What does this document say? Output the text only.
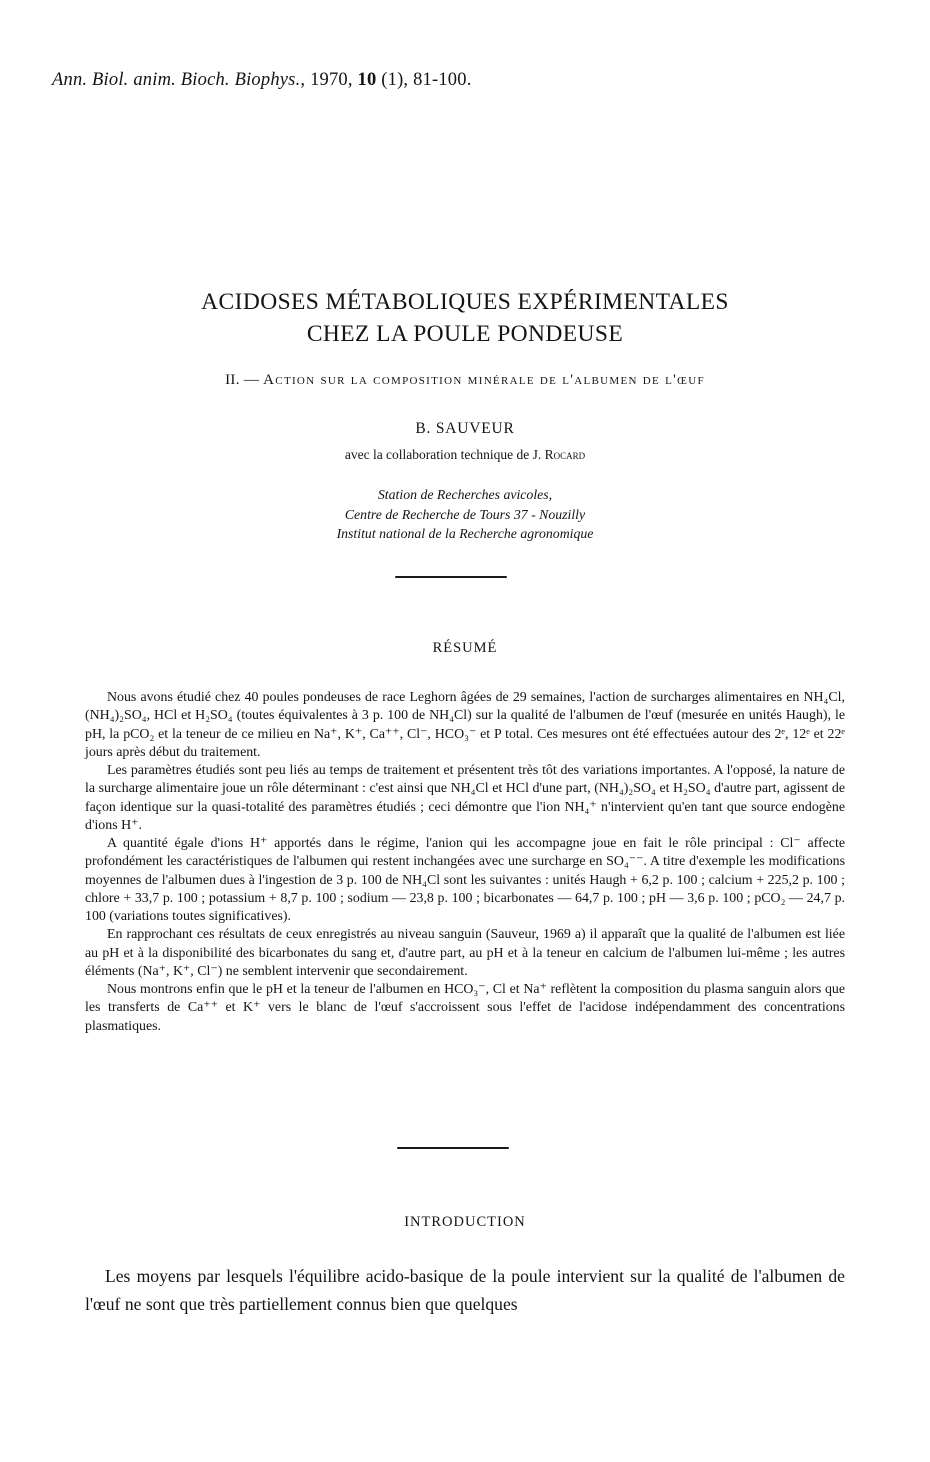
Ann. Biol. anim. Bioch. Biophys., 1970, 10 (1), 81-100.
ACIDOSES MÉTABOLIQUES EXPÉRIMENTALES
CHEZ LA POULE PONDEUSE
II. — Action sur la composition minérale de l'albumen de l'œuf
B. SAUVEUR
avec la collaboration technique de J. Rocard
Station de Recherches avicoles,
Centre de Recherche de Tours 37 - Nouzilly
Institut national de la Recherche agronomique
RÉSUMÉ

Nous avons étudié chez 40 poules pondeuses de race Leghorn âgées de 29 semaines, l'action de surcharges alimentaires en NH₄Cl, (NH₄)₂SO₄, HCl et H₂SO₄ (toutes équivalentes à 3 p. 100 de NH₄Cl) sur la qualité de l'albumen de l'œuf (mesurée en unités Haugh), le pH, la pCO₂ et la teneur de ce milieu en Na⁺, K⁺, Ca⁺⁺, Cl⁻, HCO₃⁻ et P total. Ces mesures ont été effectuées autour des 2ᵉ, 12ᵉ et 22ᵉ jours après début du traitement.

Les paramètres étudiés sont peu liés au temps de traitement et présentent très tôt des variations importantes. A l'opposé, la nature de la surcharge alimentaire joue un rôle déterminant : c'est ainsi que NH₄Cl et HCl d'une part, (NH₄)₂SO₄ et H₂SO₄ d'autre part, agissent de façon identique sur la quasi-totalité des paramètres étudiés ; ceci démontre que l'ion NH₄⁺ n'intervient qu'en tant que source endogène d'ions H⁺.

A quantité égale d'ions H⁺ apportés dans le régime, l'anion qui les accompagne joue en fait le rôle principal : Cl⁻ affecte profondément les caractéristiques de l'albumen qui restent inchangées avec une surcharge en SO₄⁻⁻. A titre d'exemple les modifications moyennes de l'albumen dues à l'ingestion de 3 p. 100 de NH₄Cl sont les suivantes : unités Haugh + 6,2 p. 100 ; calcium + 225,2 p. 100 ; chlore + 33,7 p. 100 ; potassium + 8,7 p. 100 ; sodium — 23,8 p. 100 ; bicarbonates — 64,7 p. 100 ; pH — 3,6 p. 100 ; pCO₂ — 24,7 p. 100 (variations toutes significatives).

En rapprochant ces résultats de ceux enregistrés au niveau sanguin (Sauveur, 1969 a) il apparaît que la qualité de l'albumen est liée au pH et à la disponibilité des bicarbonates du sang et, d'autre part, au pH et à la teneur en calcium de l'albumen lui-même ; les autres éléments (Na⁺, K⁺, Cl⁻) ne semblent intervenir que secondairement.

Nous montrons enfin que le pH et la teneur de l'albumen en HCO₃⁻, Cl et Na⁺ reflètent la composition du plasma sanguin alors que les transferts de Ca⁺⁺ et K⁺ vers le blanc de l'œuf s'accroissent sous l'effet de l'acidose indépendamment des concentrations plasmatiques.

INTRODUCTION

Les moyens par lesquels l'équilibre acido-basique de la poule intervient sur la qualité de l'albumen de l'œuf ne sont que très partiellement connus bien que quelques
